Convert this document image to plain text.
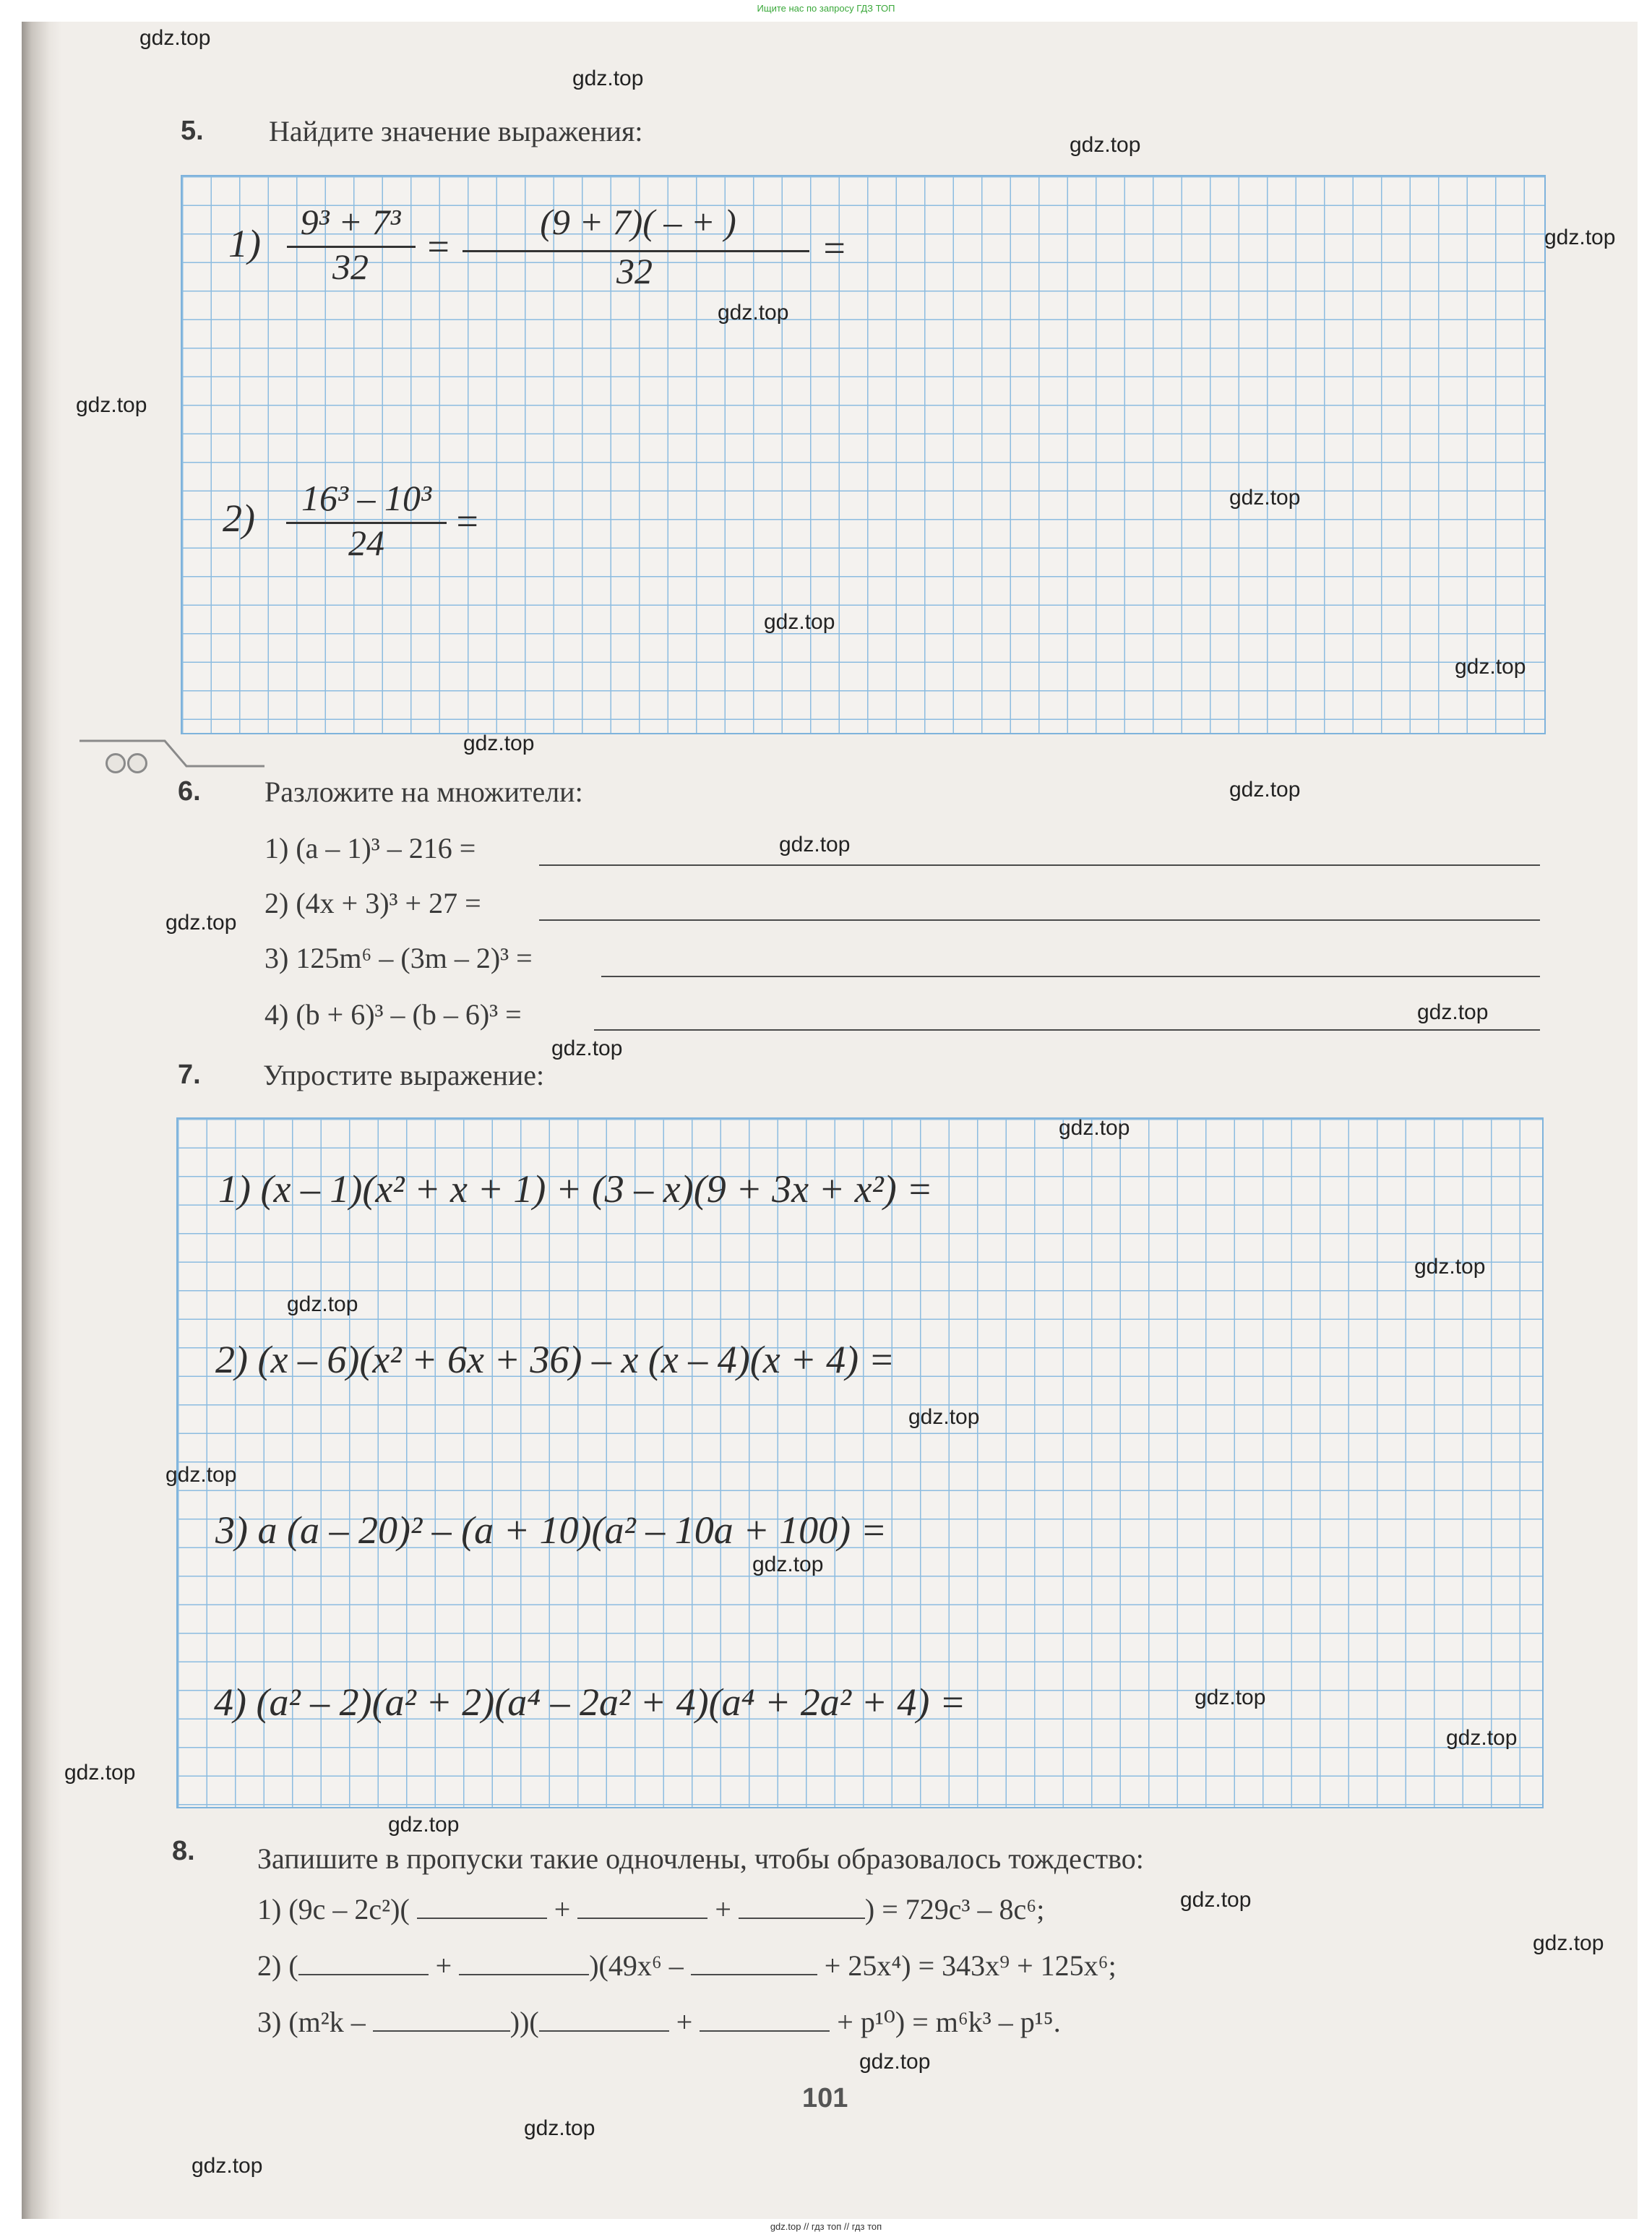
Ищите нас по запросу ГДЗ ТОП
5. Найдите значение выражения:
1)	9³ + 7³
32	=
(9 + 7)( – + )
32
=
2)	16³ – 10³
24	=
6. Разложите на множители:
1) (a – 1)³ – 216 =
2) (4x + 3)³ + 27 =
3) 125m⁶ – (3m – 2)³ =
4) (b + 6)³ – (b – 6)³ =
7. Упростите выражение:
1) (x – 1)(x² + x + 1) + (3 – x)(9 + 3x + x²) =
2) (x – 6)(x² + 6x + 36) – x (x – 4)(x + 4) =
3) a (a – 20)² – (a + 10)(a² – 10a + 100) =
4) (a² – 2)(a² + 2)(a⁴ – 2a² + 4)(a⁴ + 2a² + 4) =
8. Запишите в пропуски такие одночлены, чтобы образовалось тождество:
1) (9c – 2c²)(	+	+	) = 729c³ – 8c⁶;
2) (	+	)(49x⁶ –	+ 25x⁴) = 343x⁹ + 125x⁶;
3) (m²k –	))(	+	+ p¹⁰) = m⁶k³ – p¹⁵.
101
gdz.top
gdz.top
gdz.top
gdz.top
gdz.top
gdz.top
gdz.top
gdz.top
gdz.top
gdz.top
gdz.top
gdz.top
gdz.top
gdz.top
gdz.top
gdz.top
gdz.top
gdz.top
gdz.top
gdz.top
gdz.top
gdz.top
gdz.top
gdz.top
gdz.top
gdz.top
gdz.top
gdz.top
gdz.top
gdz.top
gdz.top // гдз топ // гдз топ
